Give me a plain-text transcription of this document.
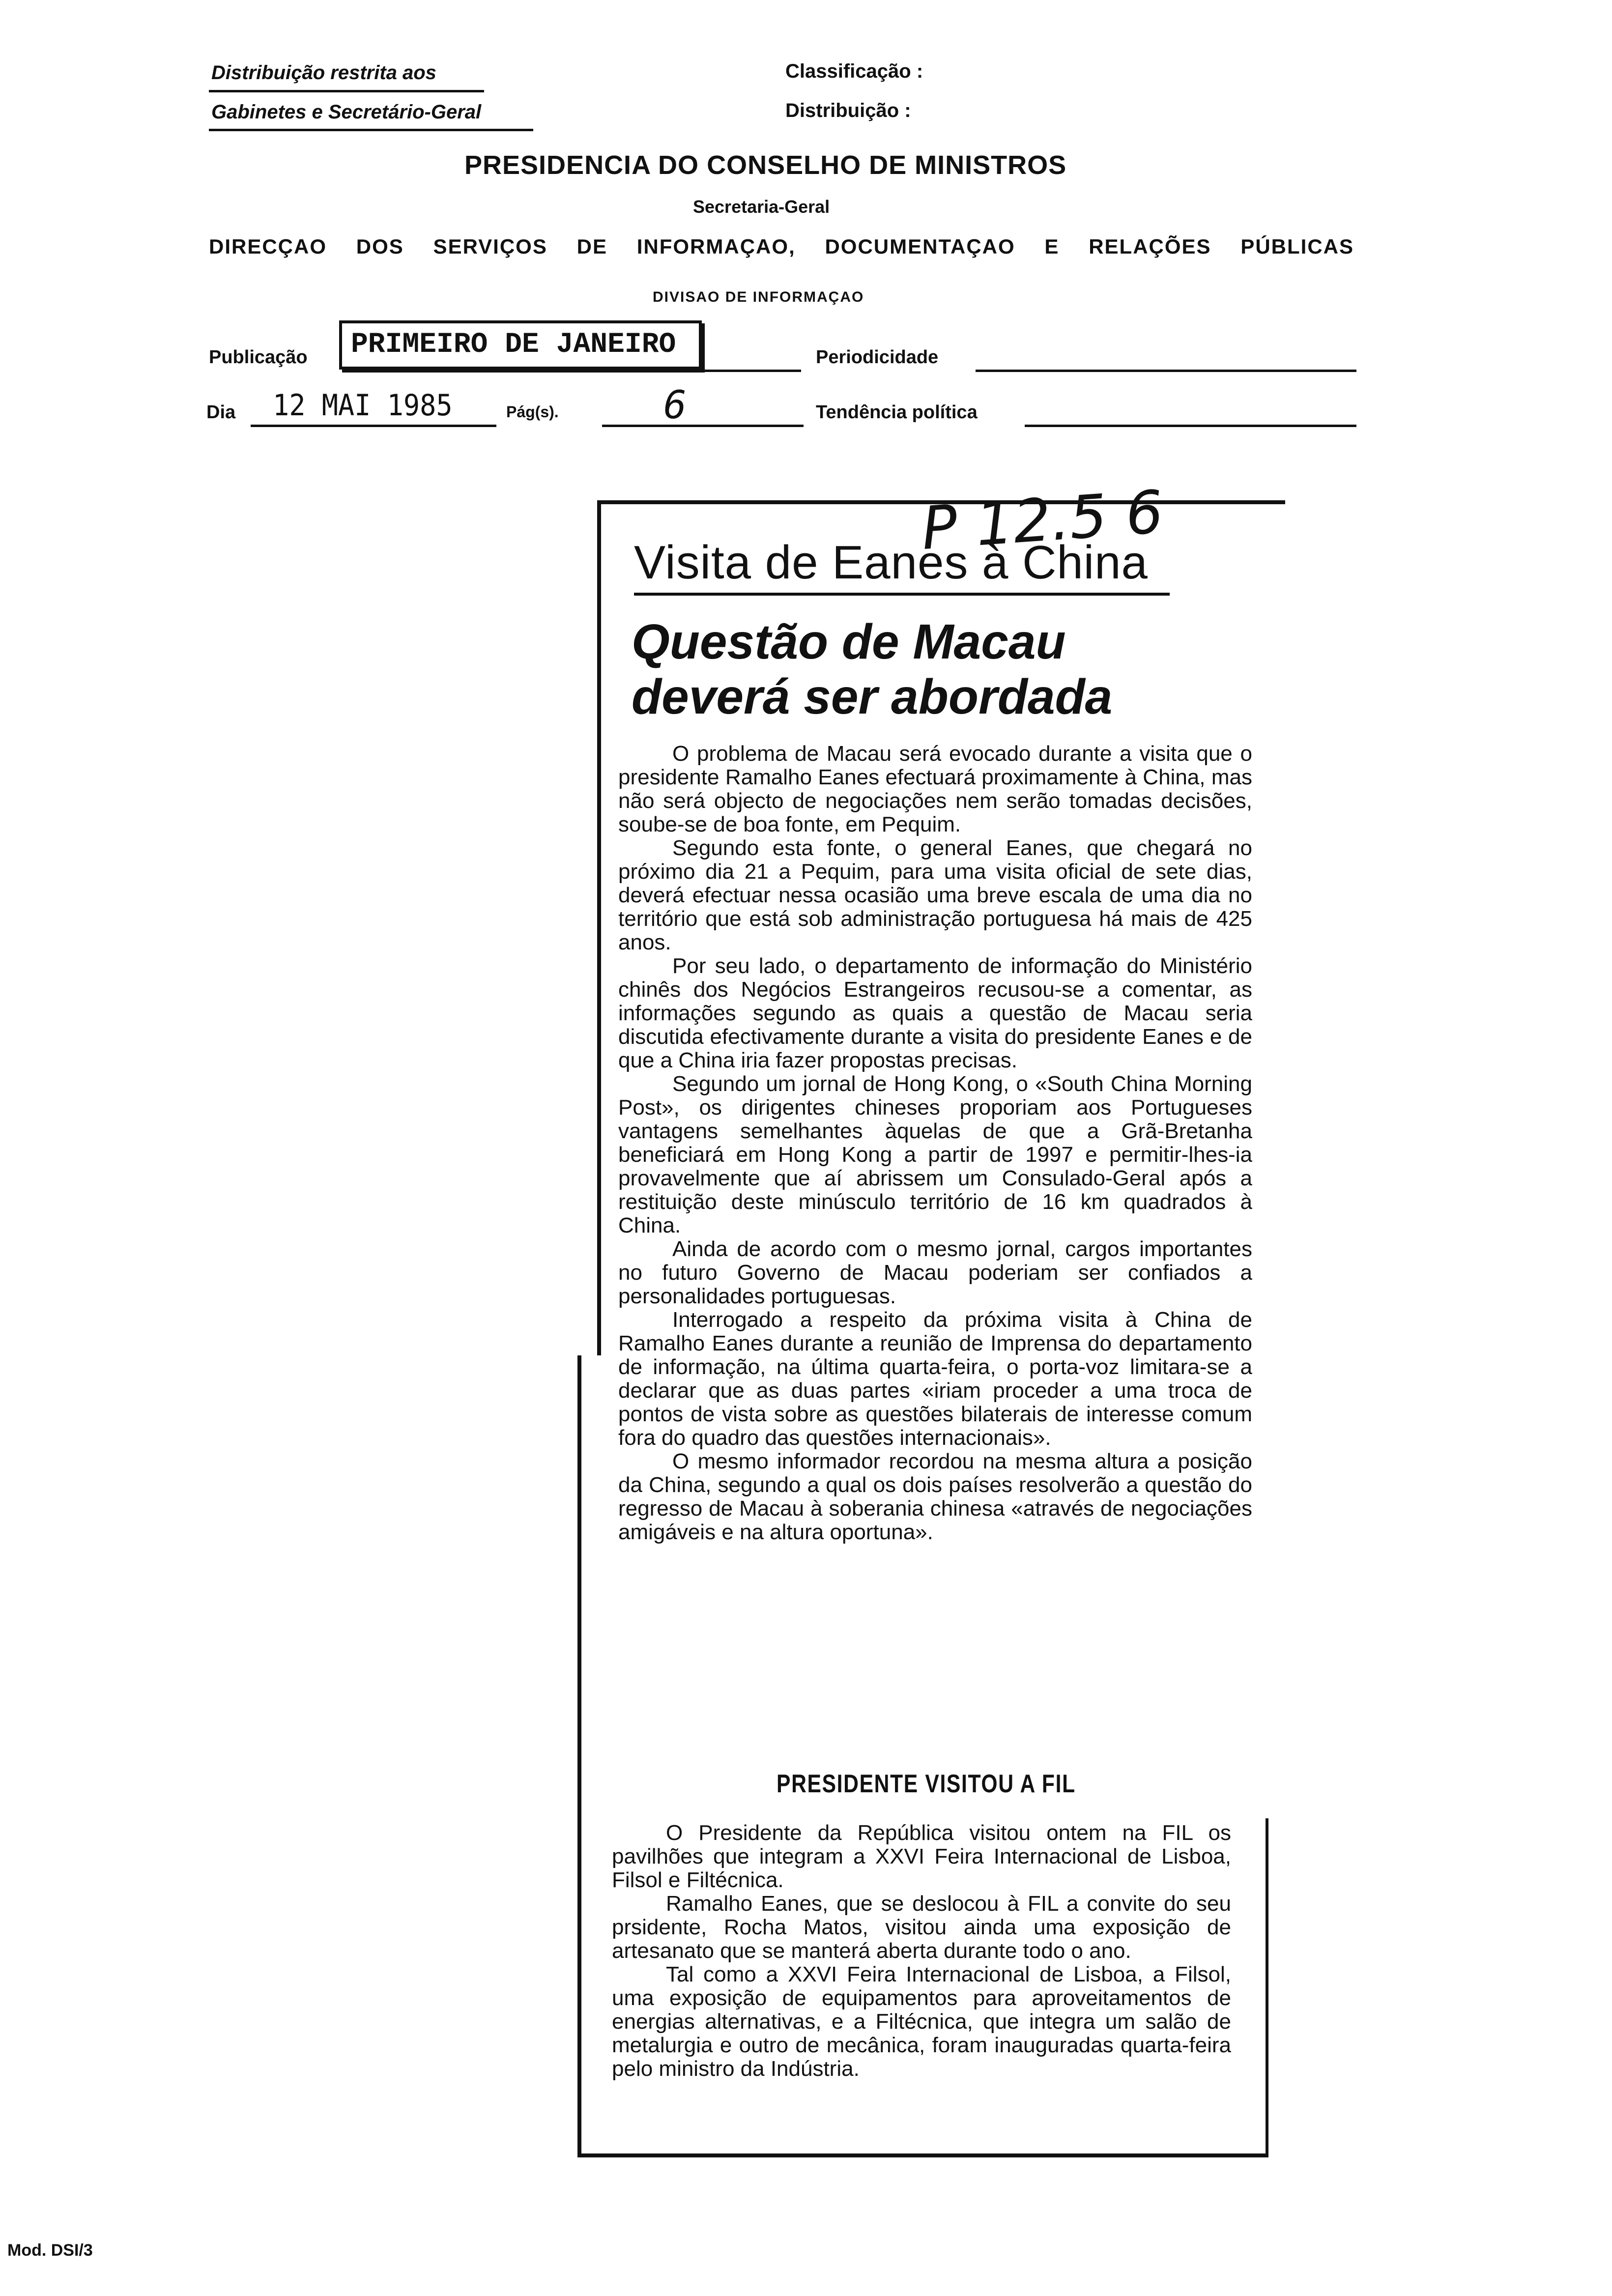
Distribuição restrita aos
Gabinetes e Secretário-Geral
Classificação :
Distribuição :
PRESIDENCIA DO CONSELHO DE MINISTROS
Secretaria-Geral
DIRECÇAO DOS SERVIÇOS DE INFORMAÇAO, DOCUMENTAÇAO E RELAÇÕES PÚBLICAS
DIVISAO DE INFORMAÇAO
Publicação	PRIMEIRO DE JANEIRO	Periodicidade
Dia 12 MAI 1985	Pág(s).	6	Tendência política
Visita de Eanes à China
P 12.5 6
Questão de Macau
deverá ser abordada

O problema de Macau será evocado durante a visita que o presidente Ramalho Eanes efectuará proximamente à China, mas não será objecto de negociações nem serão tomadas decisões, soube-se de boa fonte, em Pequim.

Segundo esta fonte, o general Eanes, que chegará no próximo dia 21 a Pequim, para uma visita oficial de sete dias, deverá efectuar nessa ocasião uma breve escala de uma dia no território que está sob administração portuguesa há mais de 425 anos.

Por seu lado, o departamento de informação do Ministério chinês dos Negócios Estrangeiros recusou-se a comentar, as informações segundo as quais a questão de Macau seria discutida efectivamente durante a visita do presidente Eanes e de que a China iria fazer propostas precisas.

Segundo um jornal de Hong Kong, o «South China Morning Post», os dirigentes chineses proporiam aos Portugueses vantagens semelhantes àquelas de que a Grã-Bretanha beneficiará em Hong Kong a partir de 1997 e permitir-lhes-ia provavelmente que aí abrissem um Consulado-Geral após a restituição deste minúsculo território de 16 km quadrados à China.

Ainda de acordo com o mesmo jornal, cargos importantes no futuro Governo de Macau poderiam ser confiados a personalidades portuguesas.

Interrogado a respeito da próxima visita à China de Ramalho Eanes durante a reunião de Imprensa do departamento de informação, na última quarta-feira, o porta-voz limitara-se a declarar que as duas partes «iriam proceder a uma troca de pontos de vista sobre as questões bilaterais de interesse comum fora do quadro das questões internacionais».

O mesmo informador recordou na mesma altura a posição da China, segundo a qual os dois países resolverão a questão do regresso de Macau à soberania chinesa «através de negociações amigáveis e na altura oportuna».

PRESIDENTE VISITOU A FIL

O Presidente da República visitou ontem na FIL os pavilhões que integram a XXVI Feira Internacional de Lisboa, Filsol e Filtécnica.

Ramalho Eanes, que se deslocou à FIL a convite do seu prsidente, Rocha Matos, visitou ainda uma exposição de artesanato que se manterá aberta durante todo o ano.

Tal como a XXVI Feira Internacional de Lisboa, a Filsol, uma exposição de equipamentos para aproveitamentos de energias alternativas, e a Filtécnica, que integra um salão de metalurgia e outro de mecânica, foram inauguradas quarta-feira pelo ministro da Indústria.

Mod. DSI/3
